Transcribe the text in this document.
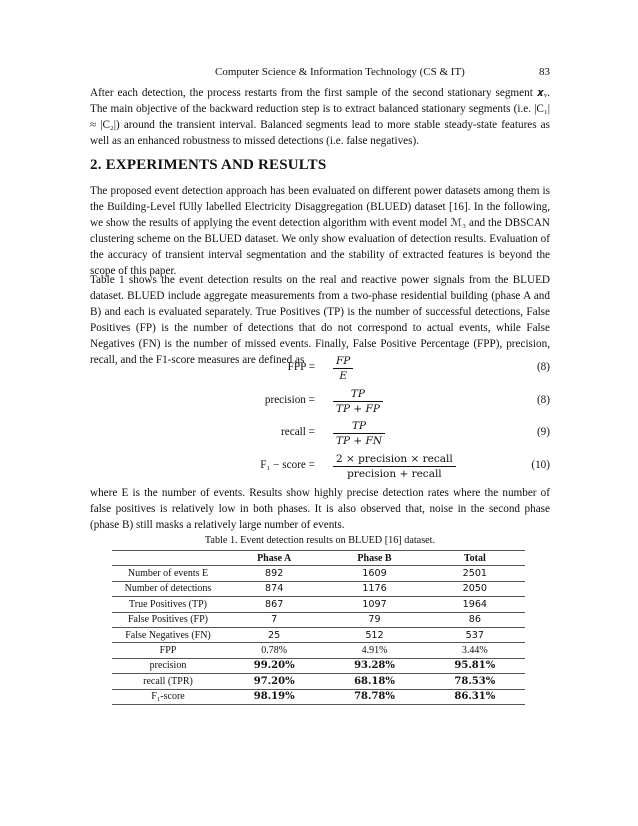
Computer Science & Information Technology (CS & IT)	83
After each detection, the process restarts from the first sample of the second stationary segment 𝒙ᵥ. The main objective of the backward reduction step is to extract balanced stationary segments (i.e. |C₁| ≈ |C₂|) around the transient interval. Balanced segments lead to more stable steady-state features as well as an enhanced robustness to missed detections (i.e. false negatives).
2. EXPERIMENTS AND RESULTS
The proposed event detection approach has been evaluated on different power datasets among them is the Building-Level fUlly labelled Electricity Disaggregation (BLUED) dataset [16]. In the following, we show the results of applying the event detection algorithm with event model ℳ₃ and the DBSCAN clustering scheme on the BLUED dataset. We only show evaluation of detection results. Evaluation of the accuracy of transient interval segmentation and the stability of extracted features is beyond the scope of this paper.
Table 1 shows the event detection results on the real and reactive power signals from the BLUED dataset. BLUED include aggregate measurements from a two-phase residential building (phase A and B) and each is evaluated separately. True Positives (TP) is the number of successful detections, False Positives (FP) is the number of detections that do not correspond to actual events, while False Negatives (FN) is the number of missed events. Finally, False Positive Percentage (FPP), precision, recall, and the F1-score measures are defined as
FPP = $\frac{FP}{E}$	(8)
precision = $\frac{TP}{TP + FP}$	(8)
recall = $\frac{TP}{TP + FN}$	(9)
F₁ − score = 2 × precision × recall
precision + recall
(10)
where E is the number of events. Results show highly precise detection rates where the number of false positives is relatively low in both phases. It is also observed that, noise in the second phase (phase B) still masks a relatively large number of events.
Table 1. Event detection results on BLUED [16] dataset.
	Phase A	Phase B	Total
Number of events E	892	1609	2501
Number of detections	874	1176	2050
True Positives (TP)	867	1097	1964
False Positives (FP)	7	79	86
False Negatives (FN)	25	512	537
FPP	0.78%	4.91%	3.44%
precision	99.20%	93.28%	95.81%
recall (TPR)	97.20%	68.18%	78.53%
F₁-score	98.19%	78.78%	86.31%
